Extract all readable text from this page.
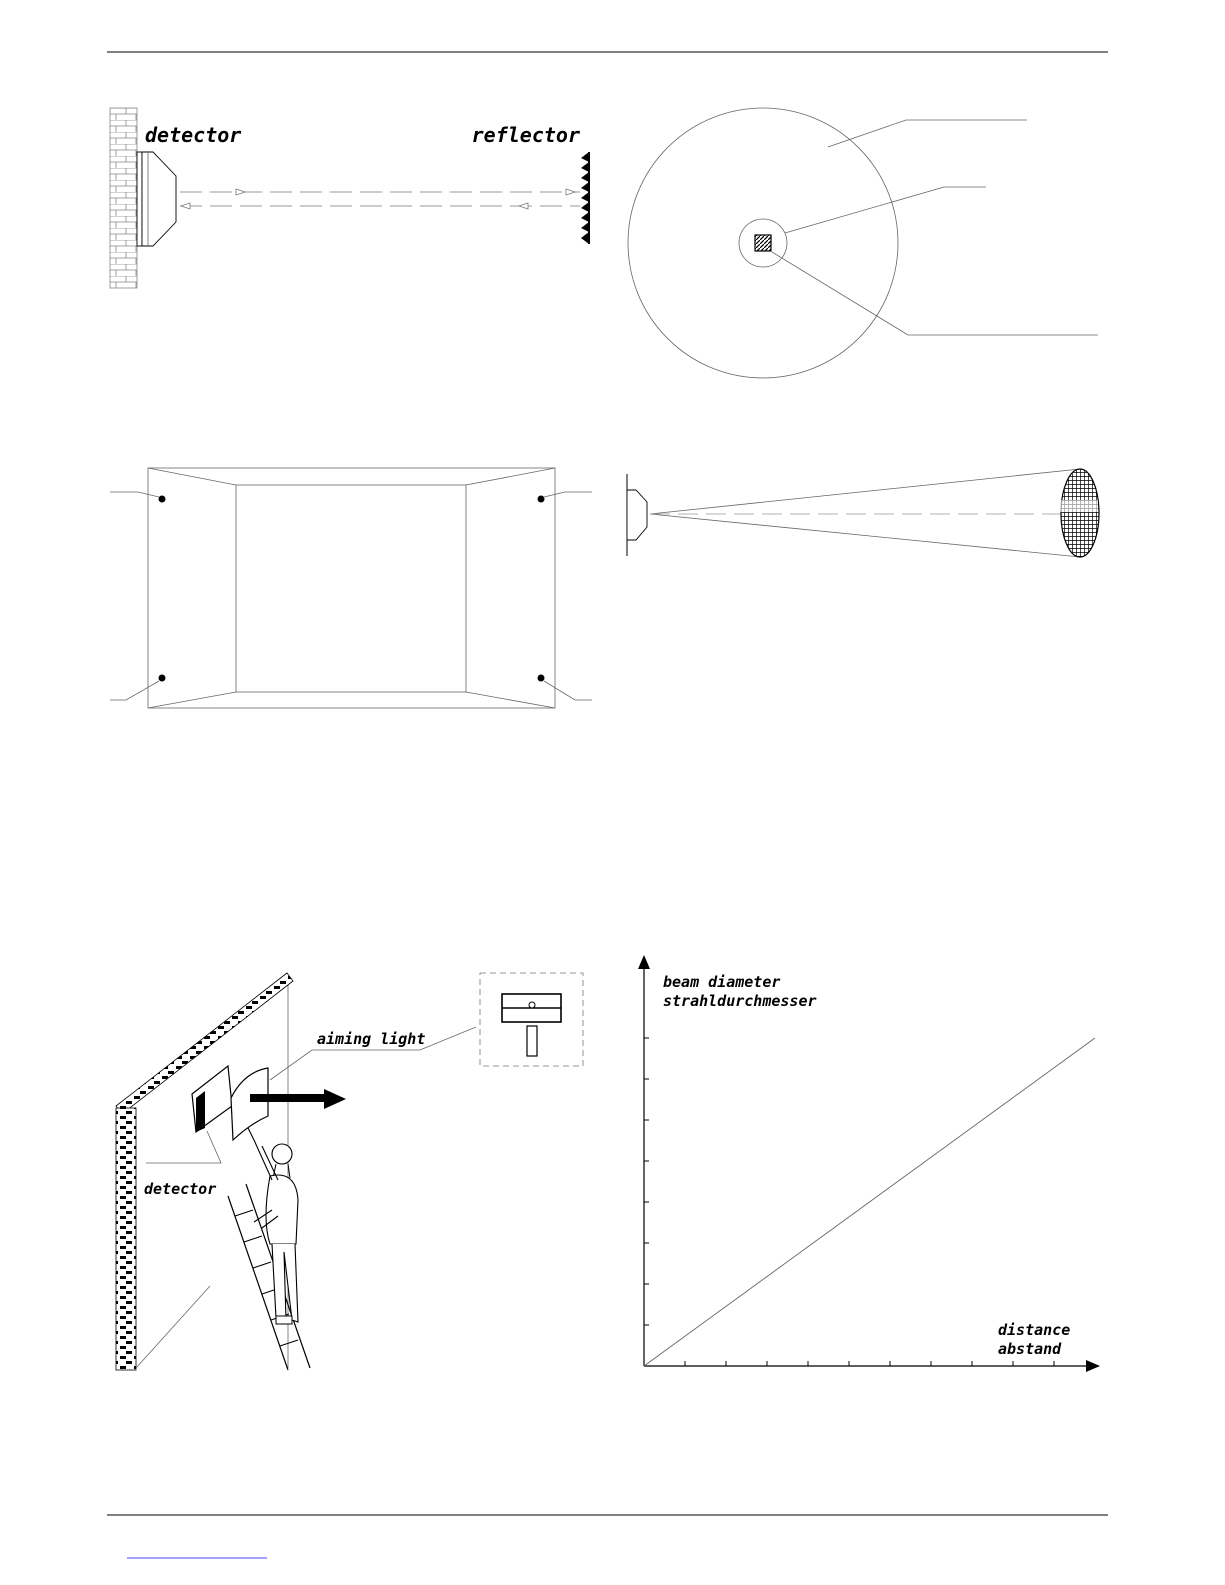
detector	reflector
aiming light
detector
beam diameter
strahldurchmesser
distance
abstand
